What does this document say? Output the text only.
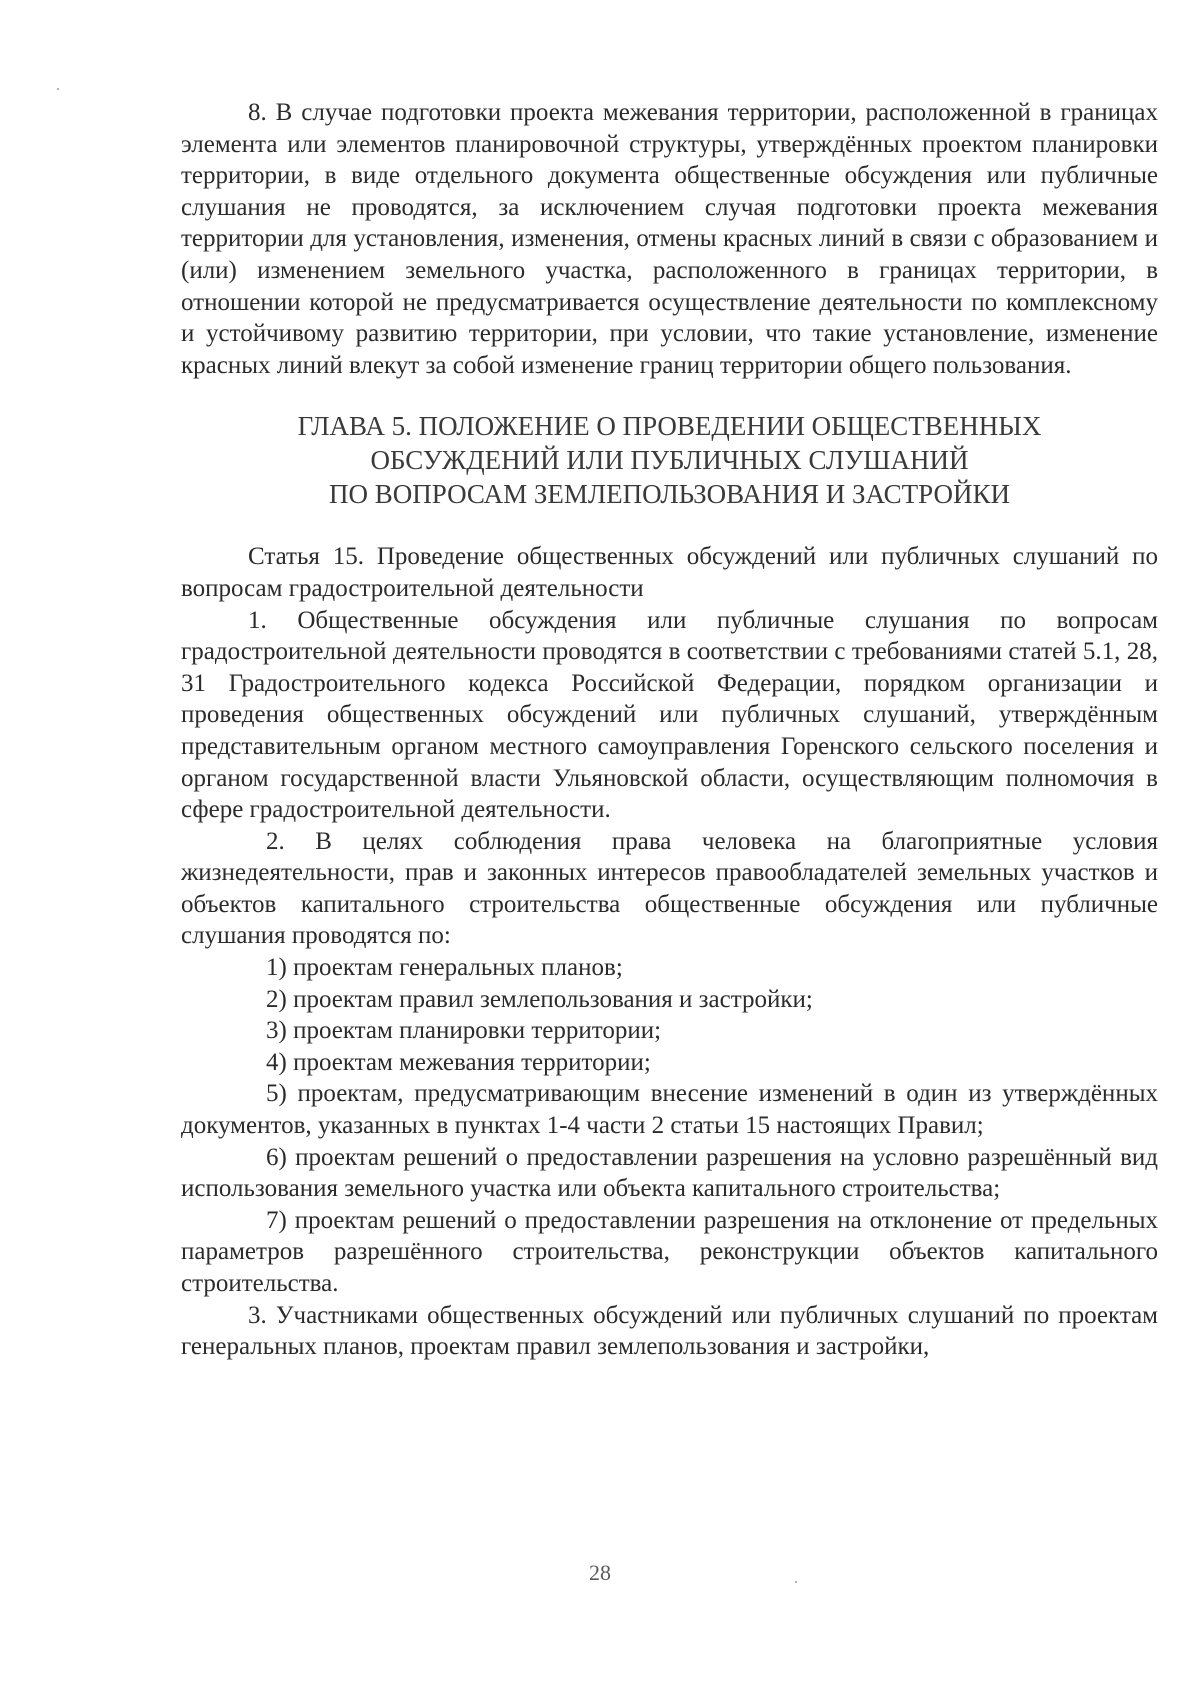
8. В случае подготовки проекта межевания территории, расположенной в границах элемента или элементов планировочной структуры, утверждённых проектом планировки территории, в виде отдельного документа общественные обсуждения или публичные слушания не проводятся, за исключением случая подготовки проекта межевания территории для установления, изменения, отмены красных линий в связи с образованием и (или) изменением земельного участка, расположенного в границах территории, в отношении которой не предусматривается осуществление деятельности по комплексному и устойчивому развитию территории, при условии, что такие установление, изменение красных линий влекут за собой изменение границ территории общего пользования.

ГЛАВА 5. ПОЛОЖЕНИЕ О ПРОВЕДЕНИИ ОБЩЕСТВЕННЫХ
ОБСУЖДЕНИЙ ИЛИ ПУБЛИЧНЫХ СЛУШАНИЙ
ПО ВОПРОСАМ ЗЕМЛЕПОЛЬЗОВАНИЯ И ЗАСТРОЙКИ

Статья 15. Проведение общественных обсуждений или публичных слушаний по вопросам градостроительной деятельности

1. Общественные обсуждения или публичные слушания по вопросам градостроительной деятельности проводятся в соответствии с требованиями статей 5.1, 28, 31 Градостроительного кодекса Российской Федерации, порядком организации и проведения общественных обсуждений или публичных слушаний, утверждённым представительным органом местного самоуправления Горенского сельского поселения и органом государственной власти Ульяновской области, осуществляющим полномочия в сфере градостроительной деятельности.

2. В целях соблюдения права человека на благоприятные условия жизнедеятельности, прав и законных интересов правообладателей земельных участков и объектов капитального строительства общественные обсуждения или публичные слушания проводятся по:

1) проектам генеральных планов;

2) проектам правил землепользования и застройки;

3) проектам планировки территории;

4) проектам межевания территории;

5) проектам, предусматривающим внесение изменений в один из утверждённых документов, указанных в пунктах 1-4 части 2 статьи 15 настоящих Правил;

6) проектам решений о предоставлении разрешения на условно разрешённый вид использования земельного участка или объекта капитального строительства;

7) проектам решений о предоставлении разрешения на отклонение от предельных параметров разрешённого строительства, реконструкции объектов капитального строительства.

3. Участниками общественных обсуждений или публичных слушаний по проектам генеральных планов, проектам правил землепользования и застройки,

28
